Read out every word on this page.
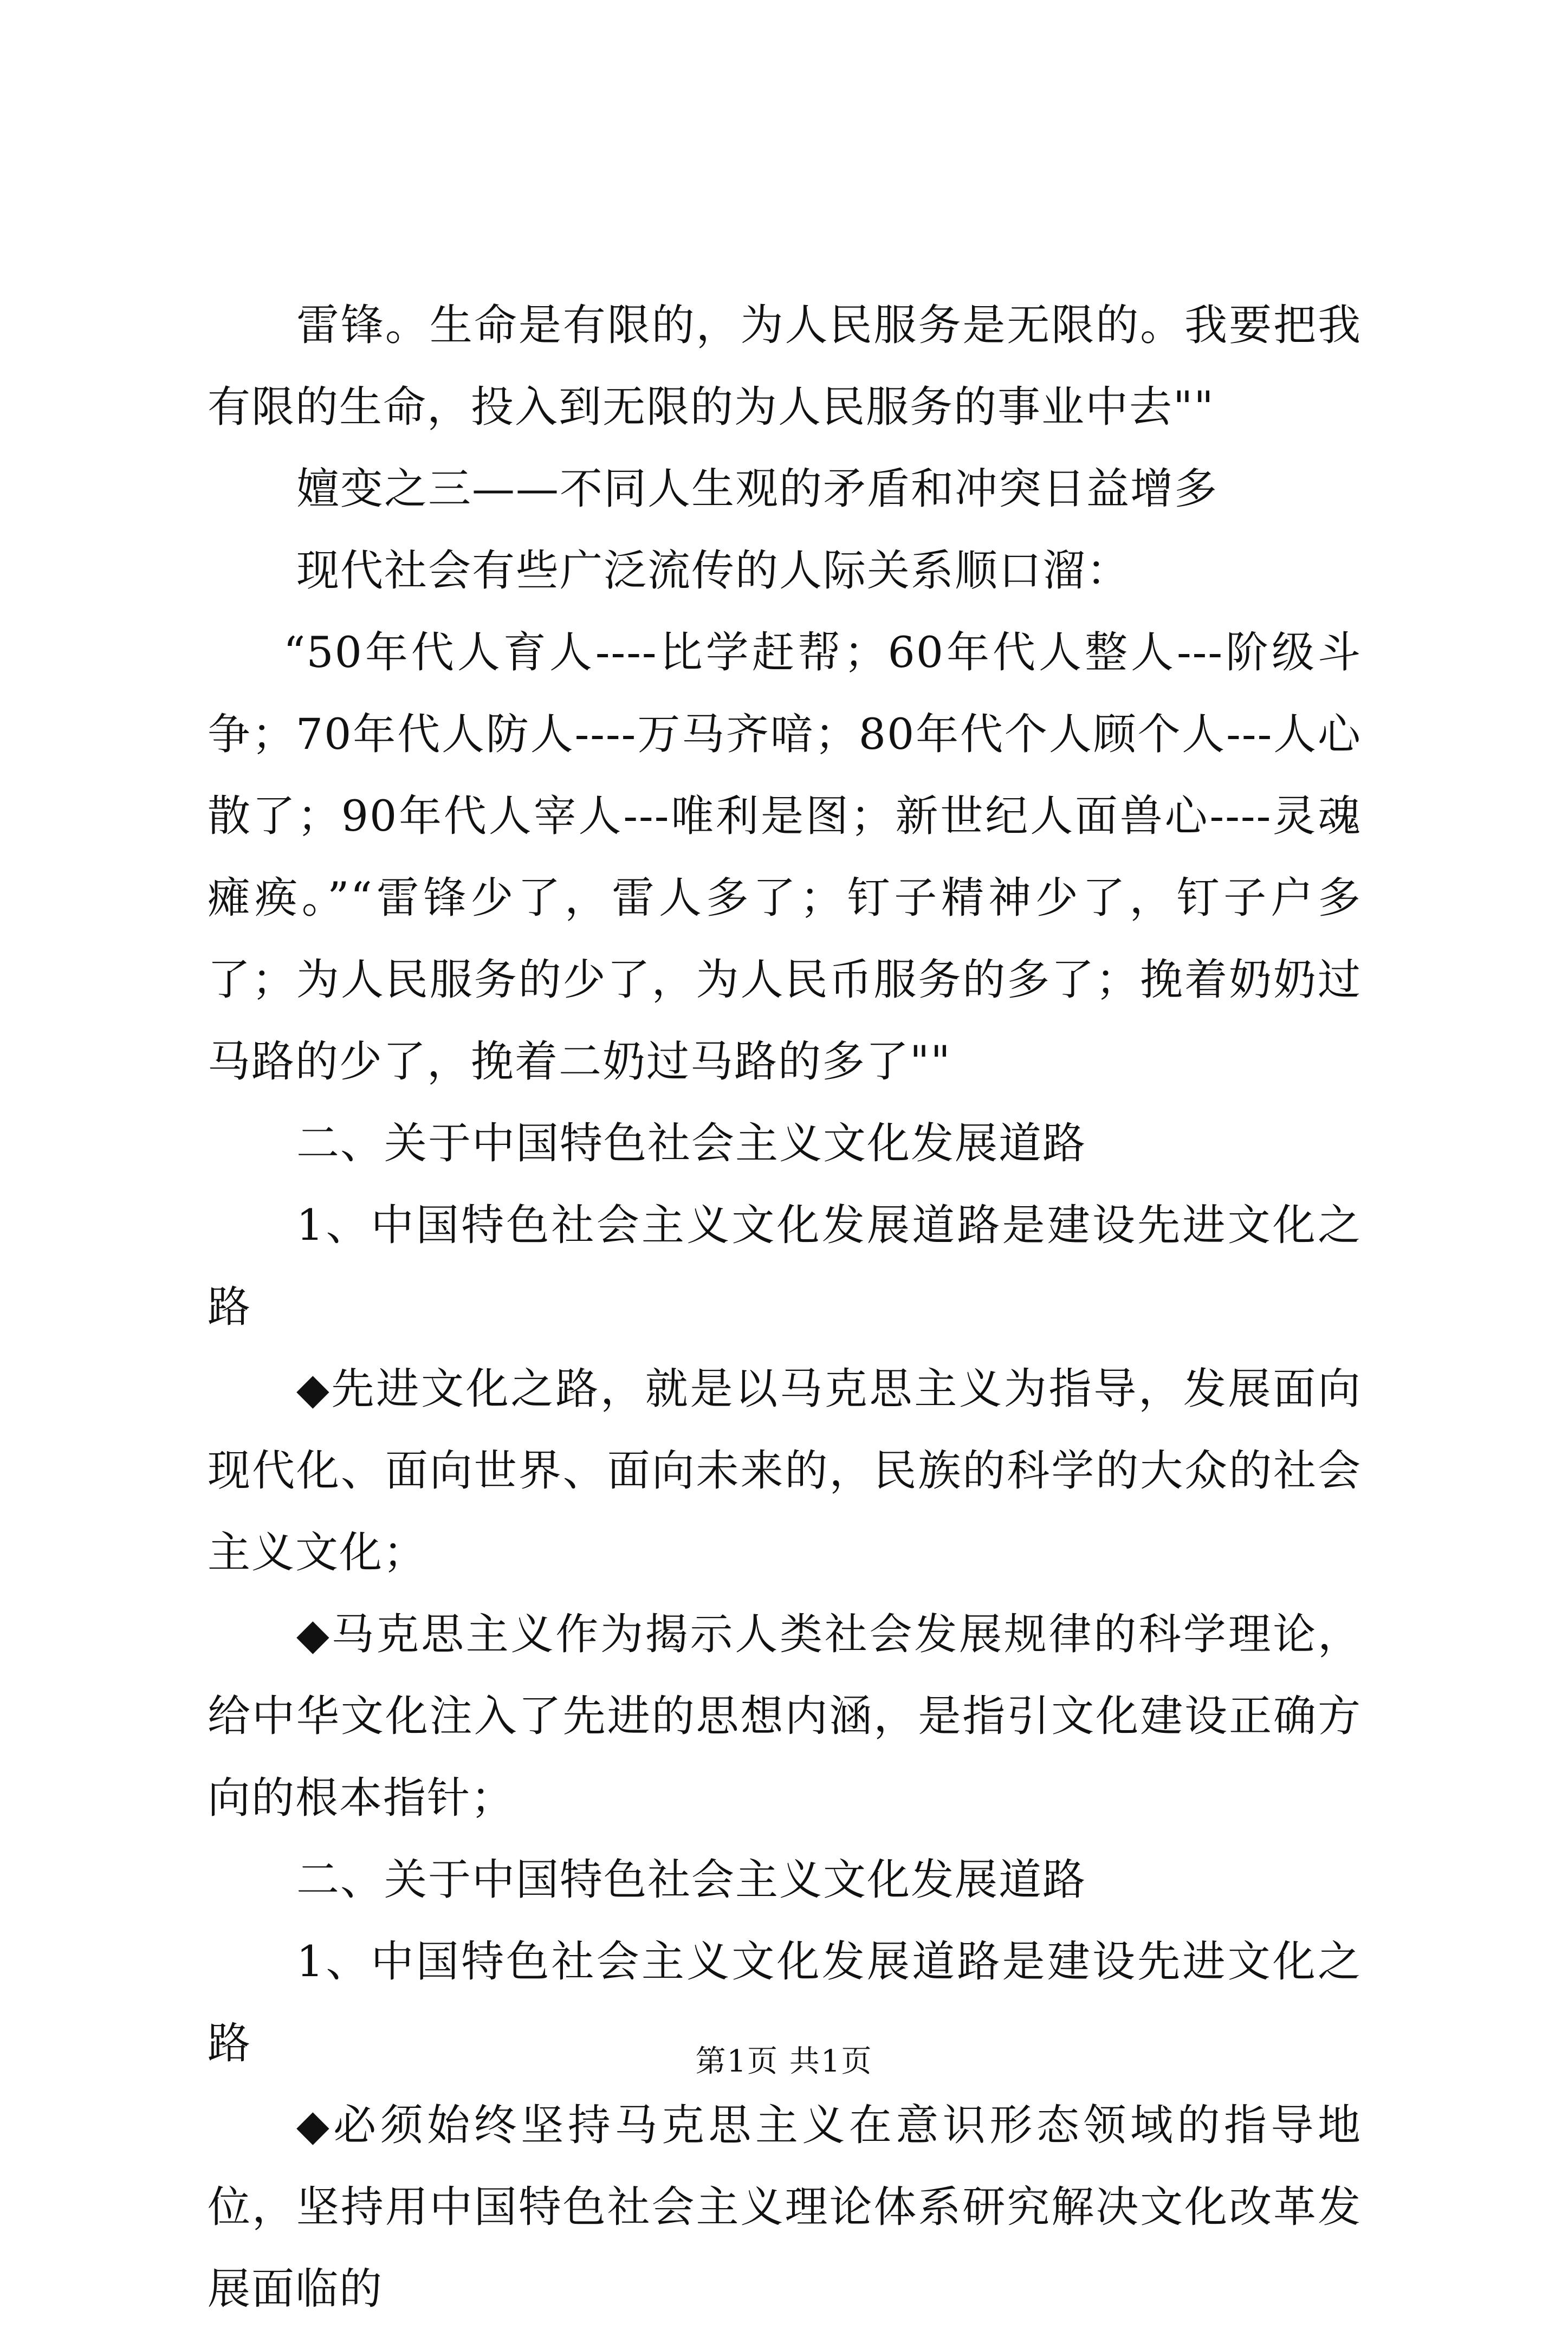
雷锋。生命是有限的，为人民服务是无限的。我要把我有限的生命，投入到无限的为人民服务的事业中去""

嬗变之三——不同人生观的矛盾和冲突日益增多

现代社会有些广泛流传的人际关系顺口溜：

“50年代人育人----比学赶帮；60年代人整人---阶级斗争；70年代人防人----万马齐喑；80年代个人顾个人---人心散了；90年代人宰人---唯利是图；新世纪人面兽心----灵魂瘫痪。”“雷锋少了，雷人多了；钉子精神少了，钉子户多了；为人民服务的少了，为人民币服务的多了；挽着奶奶过马路的少了，挽着二奶过马路的多了""

二、关于中国特色社会主义文化发展道路

1、中国特色社会主义文化发展道路是建设先进文化之路

◆先进文化之路，就是以马克思主义为指导，发展面向现代化、面向世界、面向未来的，民族的科学的大众的社会主义文化；

◆马克思主义作为揭示人类社会发展规律的科学理论，给中华文化注入了先进的思想内涵，是指引文化建设正确方向的根本指针；

二、关于中国特色社会主义文化发展道路

1、中国特色社会主义文化发展道路是建设先进文化之路

◆必须始终坚持马克思主义在意识形态领域的指导地位，坚持用中国特色社会主义理论体系研究解决文化改革发展面临的

第1页 共1页
